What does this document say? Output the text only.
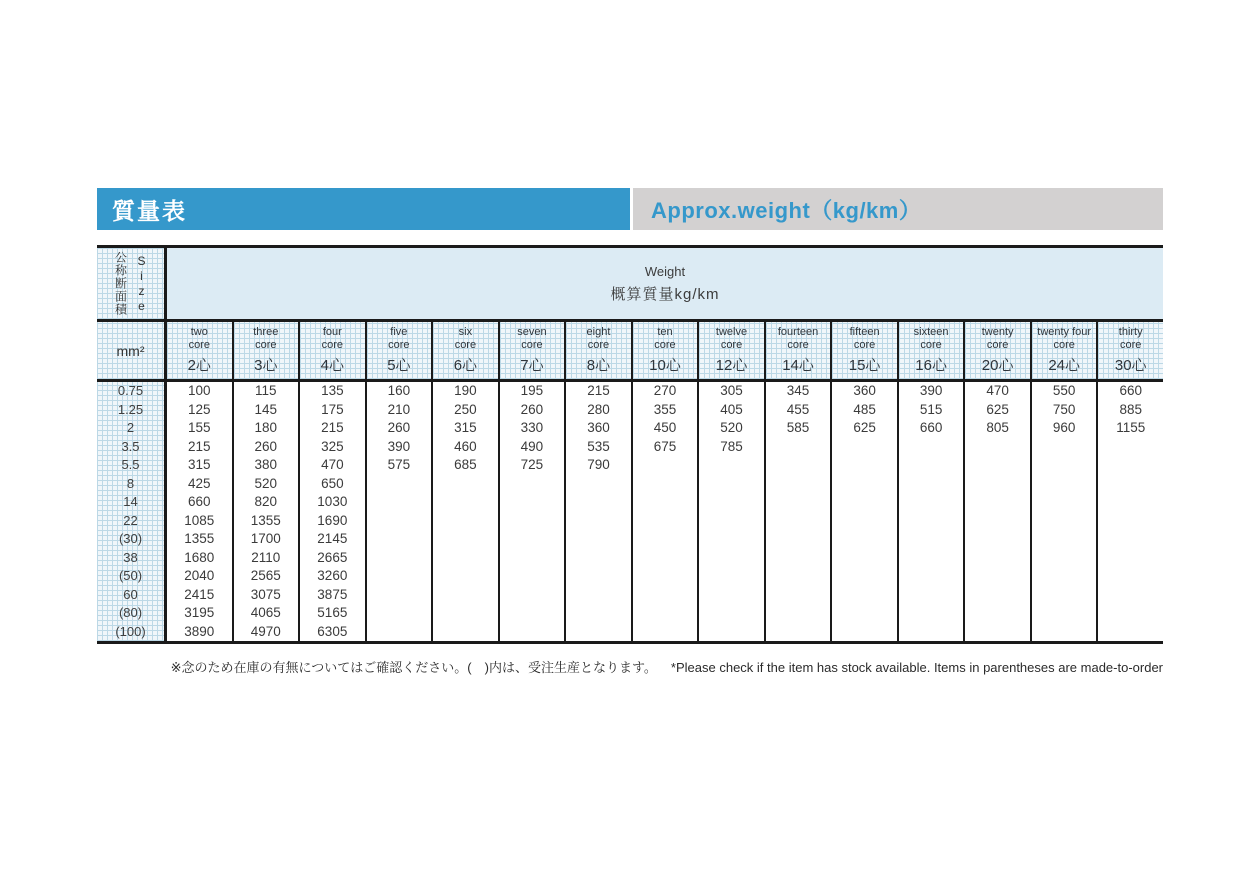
質量表	Approx.weight（kg/km）
公称断面積 Size	Weight
概算質量kg/km
mm²
two
core
2心
three
core
3心
four
core
4心
five
core
5心
six
core
6心
seven
core
7心
eight
core
8心
ten
core
10心
twelve
core
12心
fourteen
core
14心
fifteen
core
15心
sixteen
core
16心
twenty
core
20心
twenty four
core
24心
thirty
core
30心
0.75
1.25
2
3.5
5.5
8
14
22
(30)
38
(50)
60
(80)
(100)
100
125
155
215
315
425
660
1085
1355
1680
2040
2415
3195
3890
115
145
180
260
380
520
820
1355
1700
2110
2565
3075
4065
4970
135
175
215
325
470
650
1030
1690
2145
2665
3260
3875
5165
6305
160
210
260
390
575
190
250
315
460
685
195
260
330
490
725
215
280
360
535
790
270
355
450
675
305
405
520
785
345
455
585
360
485
625
390
515
660
470
625
805
550
750
960
660
885
1155
※念のため在庫の有無についてはご確認ください。(　)内は、受注生産となります。 *Please check if the item has stock available. Items in parentheses are made-to-order
